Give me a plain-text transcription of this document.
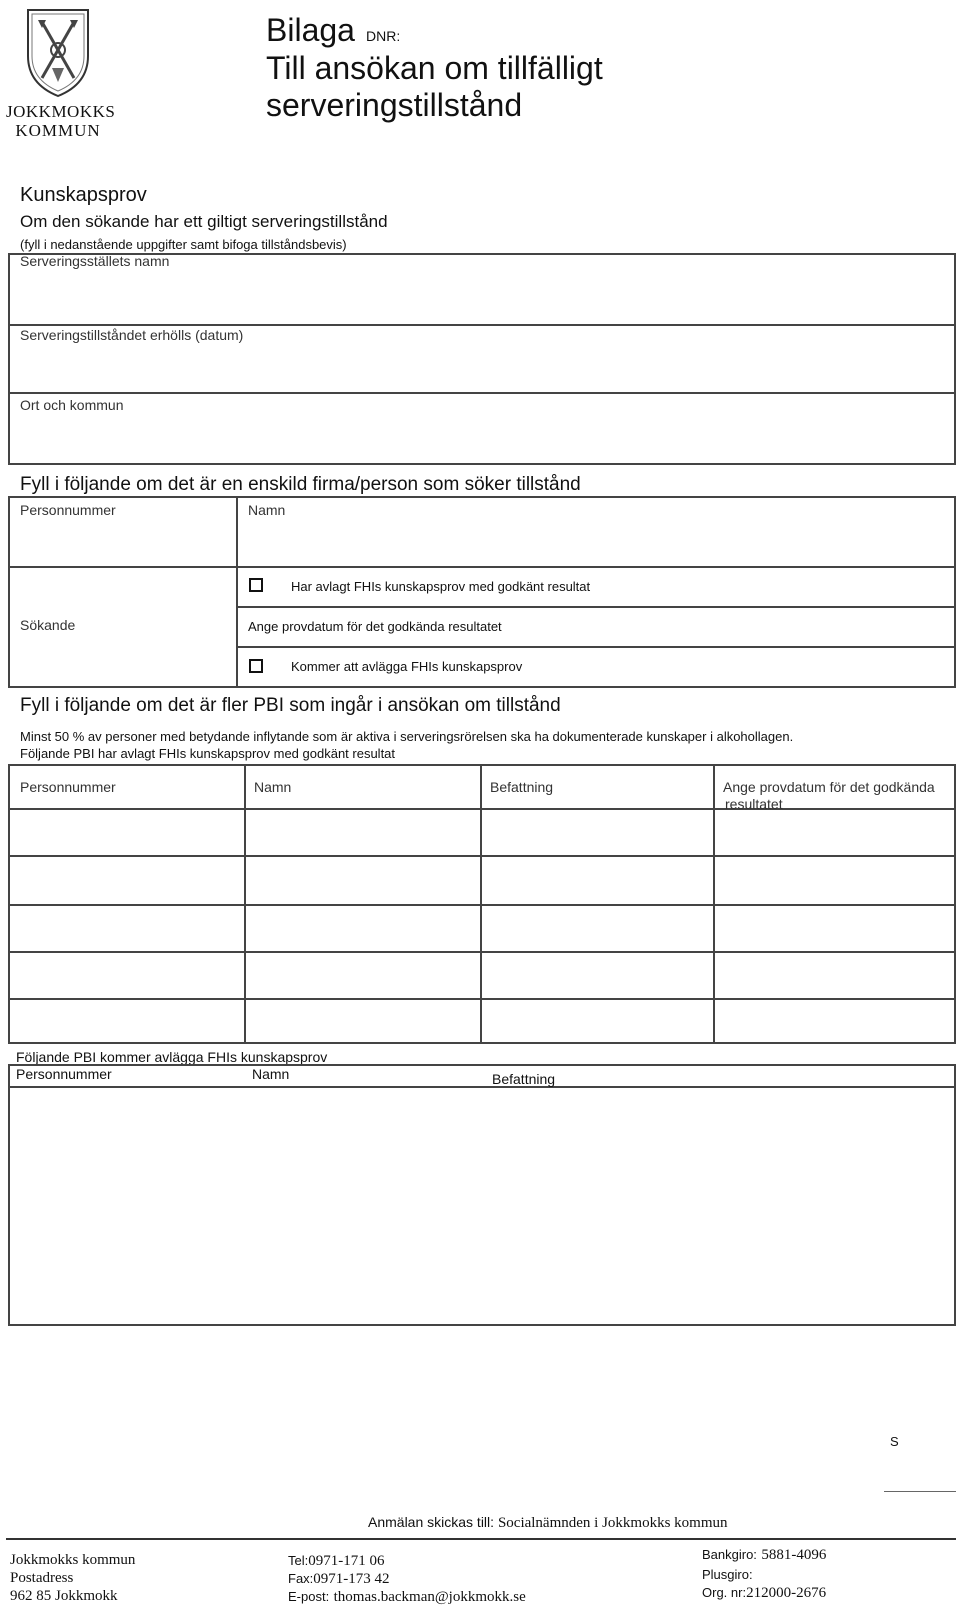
JOKKMOKKS
KOMMUN
Bilaga DNR:
Till ansökan om tillfälligt
serveringstillstånd
Kunskapsprov
Om den sökande har ett giltigt serveringstillstånd
(fyll i nedanstående uppgifter samt bifoga tillståndsbevis)
Serveringsställets namn
Serveringstillståndet erhölls (datum)
Ort och kommun
Fyll i följande om det är en enskild firma/person som söker tillstånd
Personnummer	Namn
Sökande
Har avlagt FHIs kunskapsprov med godkänt resultat
Ange provdatum för det godkända resultatet
Kommer att avlägga FHIs kunskapsprov
Fyll i följande om det är fler PBI som ingår i ansökan om tillstånd
Minst 50 % av personer med betydande inflytande som är aktiva i serveringsrörelsen ska ha dokumenterade kunskaper i alkohollagen.
Följande PBI har avlagt FHIs kunskapsprov med godkänt resultat
Personnummer	Namn	Befattning	Ange provdatum för det godkända
resultatet
Följande PBI kommer avlägga FHIs kunskapsprov
Personnummer	Namn	Befattning
S
Anmälan skickas till: Socialnämnden i Jokkmokks kommun
Jokkmokks kommun
Postadress
962 85 Jokkmokk
Tel:0971-171 06
Fax:0971-173 42
E-post: thomas.backman@jokkmokk.se
Bankgiro: 5881-4096
Plusgiro:
Org. nr:212000-2676
